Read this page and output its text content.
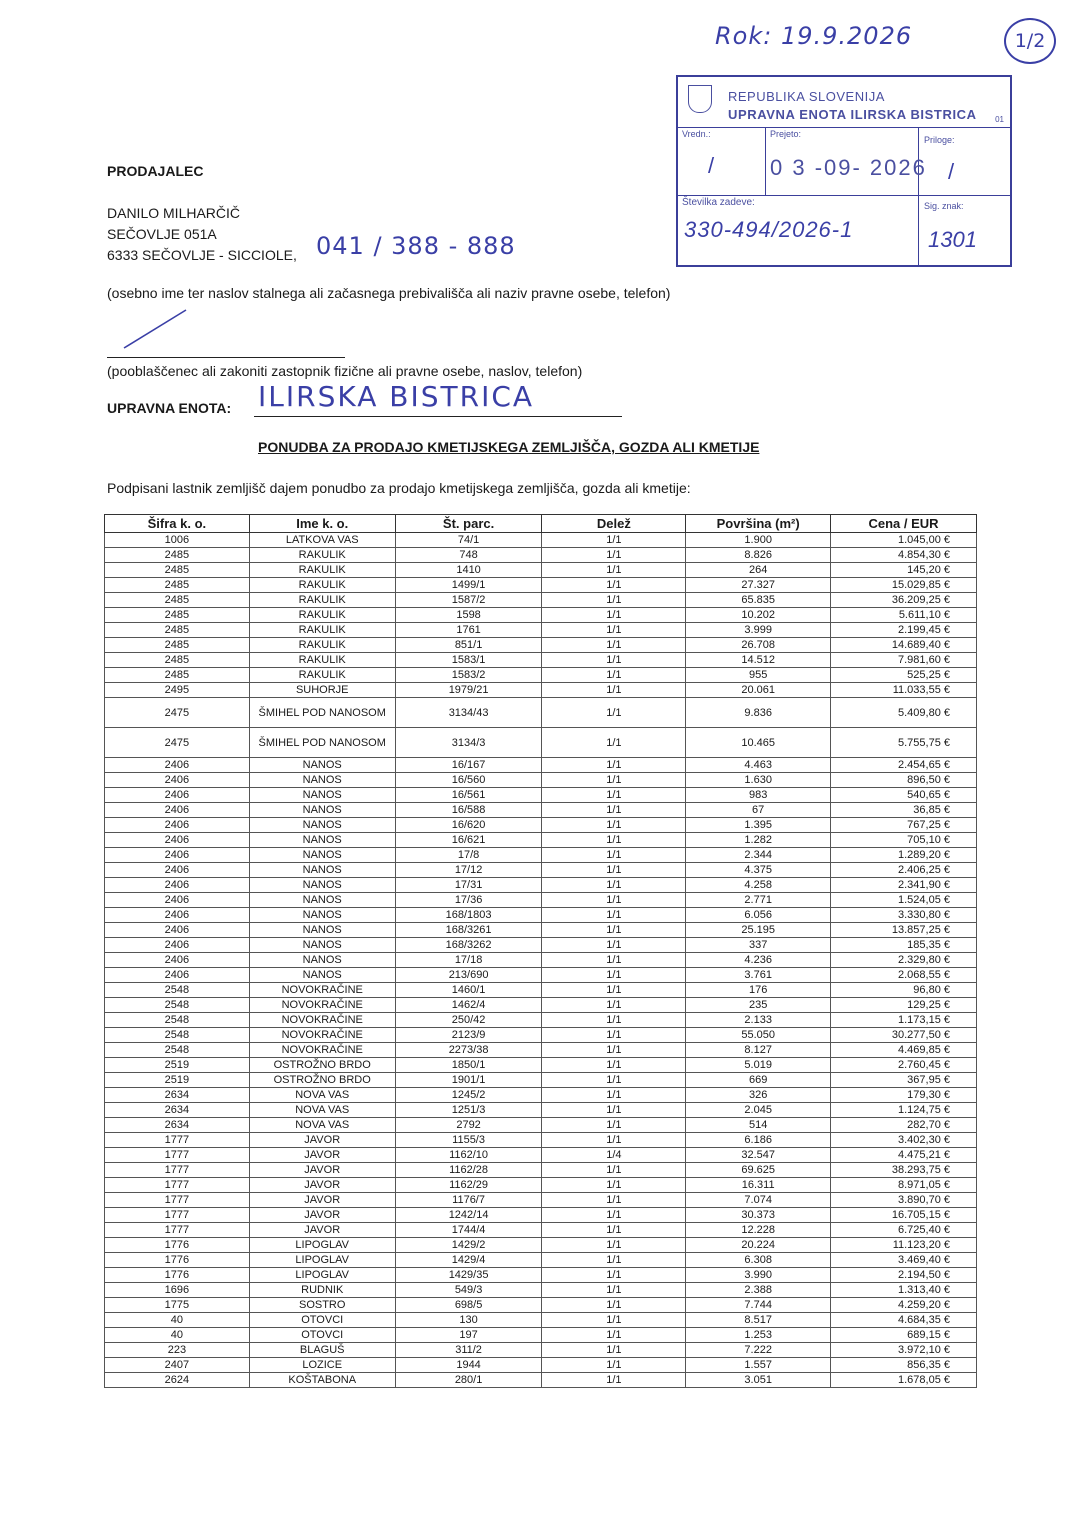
Rok: 19.9.2026	1/2
REPUBLIKA SLOVENIJA
UPRAVNA ENOTA ILIRSKA BISTRICA 01
Vredn.:	Prejeto:
Priloge:
/	0 3 -09- 2026 /
Številka zadeve:	Sig. znak:
330-494/2026-1	1301
PRODAJALEC
DANILO MILHARČIČ
SEČOVLJE 051A
6333 SEČOVLJE - SICCIOLE, 041 / 388 - 888
(osebno ime ter naslov stalnega ali začasnega prebivališča ali naziv pravne osebe, telefon)
(pooblaščenec ali zakoniti zastopnik fizične ali pravne osebe, naslov, telefon)
UPRAVNA ENOTA: ILIRSKA BISTRICA
PONUDBA ZA PRODAJO KMETIJSKEGA ZEMLJIŠČA, GOZDA ALI KMETIJE
Podpisani lastnik zemljišč dajem ponudbo za prodajo kmetijskega zemljišča, gozda ali kmetije:
Šifra k. o.	Ime k. o.	Št. parc.	Delež	Površina (m²)	Cena / EUR
1006	LATKOVA VAS	74/1	1/1	1.900	1.045,00 €
2485	RAKULIK	748	1/1	8.826	4.854,30 €
2485	RAKULIK	1410	1/1	264	145,20 €
2485	RAKULIK	1499/1	1/1	27.327	15.029,85 €
2485	RAKULIK	1587/2	1/1	65.835	36.209,25 €
2485	RAKULIK	1598	1/1	10.202	5.611,10 €
2485	RAKULIK	1761	1/1	3.999	2.199,45 €
2485	RAKULIK	851/1	1/1	26.708	14.689,40 €
2485	RAKULIK	1583/1	1/1	14.512	7.981,60 €
2485	RAKULIK	1583/2	1/1	955	525,25 €
2495	SUHORJE	1979/21	1/1	20.061	11.033,55 €
2475	ŠMIHEL POD NANOSOM	3134/43	1/1	9.836	5.409,80 €
2475	ŠMIHEL POD NANOSOM	3134/3	1/1	10.465	5.755,75 €
2406	NANOS	16/167	1/1	4.463	2.454,65 €
2406	NANOS	16/560	1/1	1.630	896,50 €
2406	NANOS	16/561	1/1	983	540,65 €
2406	NANOS	16/588	1/1	67	36,85 €
2406	NANOS	16/620	1/1	1.395	767,25 €
2406	NANOS	16/621	1/1	1.282	705,10 €
2406	NANOS	17/8	1/1	2.344	1.289,20 €
2406	NANOS	17/12	1/1	4.375	2.406,25 €
2406	NANOS	17/31	1/1	4.258	2.341,90 €
2406	NANOS	17/36	1/1	2.771	1.524,05 €
2406	NANOS	168/1803	1/1	6.056	3.330,80 €
2406	NANOS	168/3261	1/1	25.195	13.857,25 €
2406	NANOS	168/3262	1/1	337	185,35 €
2406	NANOS	17/18	1/1	4.236	2.329,80 €
2406	NANOS	213/690	1/1	3.761	2.068,55 €
2548	NOVOKRAČINE	1460/1	1/1	176	96,80 €
2548	NOVOKRAČINE	1462/4	1/1	235	129,25 €
2548	NOVOKRAČINE	250/42	1/1	2.133	1.173,15 €
2548	NOVOKRAČINE	2123/9	1/1	55.050	30.277,50 €
2548	NOVOKRAČINE	2273/38	1/1	8.127	4.469,85 €
2519	OSTROŽNO BRDO	1850/1	1/1	5.019	2.760,45 €
2519	OSTROŽNO BRDO	1901/1	1/1	669	367,95 €
2634	NOVA VAS	1245/2	1/1	326	179,30 €
2634	NOVA VAS	1251/3	1/1	2.045	1.124,75 €
2634	NOVA VAS	2792	1/1	514	282,70 €
1777	JAVOR	1155/3	1/1	6.186	3.402,30 €
1777	JAVOR	1162/10	1/4	32.547	4.475,21 €
1777	JAVOR	1162/28	1/1	69.625	38.293,75 €
1777	JAVOR	1162/29	1/1	16.311	8.971,05 €
1777	JAVOR	1176/7	1/1	7.074	3.890,70 €
1777	JAVOR	1242/14	1/1	30.373	16.705,15 €
1777	JAVOR	1744/4	1/1	12.228	6.725,40 €
1776	LIPOGLAV	1429/2	1/1	20.224	11.123,20 €
1776	LIPOGLAV	1429/4	1/1	6.308	3.469,40 €
1776	LIPOGLAV	1429/35	1/1	3.990	2.194,50 €
1696	RUDNIK	549/3	1/1	2.388	1.313,40 €
1775	SOSTRO	698/5	1/1	7.744	4.259,20 €
40	OTOVCI	130	1/1	8.517	4.684,35 €
40	OTOVCI	197	1/1	1.253	689,15 €
223	BLAGUŠ	311/2	1/1	7.222	3.972,10 €
2407	LOZICE	1944	1/1	1.557	856,35 €
2624	KOŠTABONA	280/1	1/1	3.051	1.678,05 €
